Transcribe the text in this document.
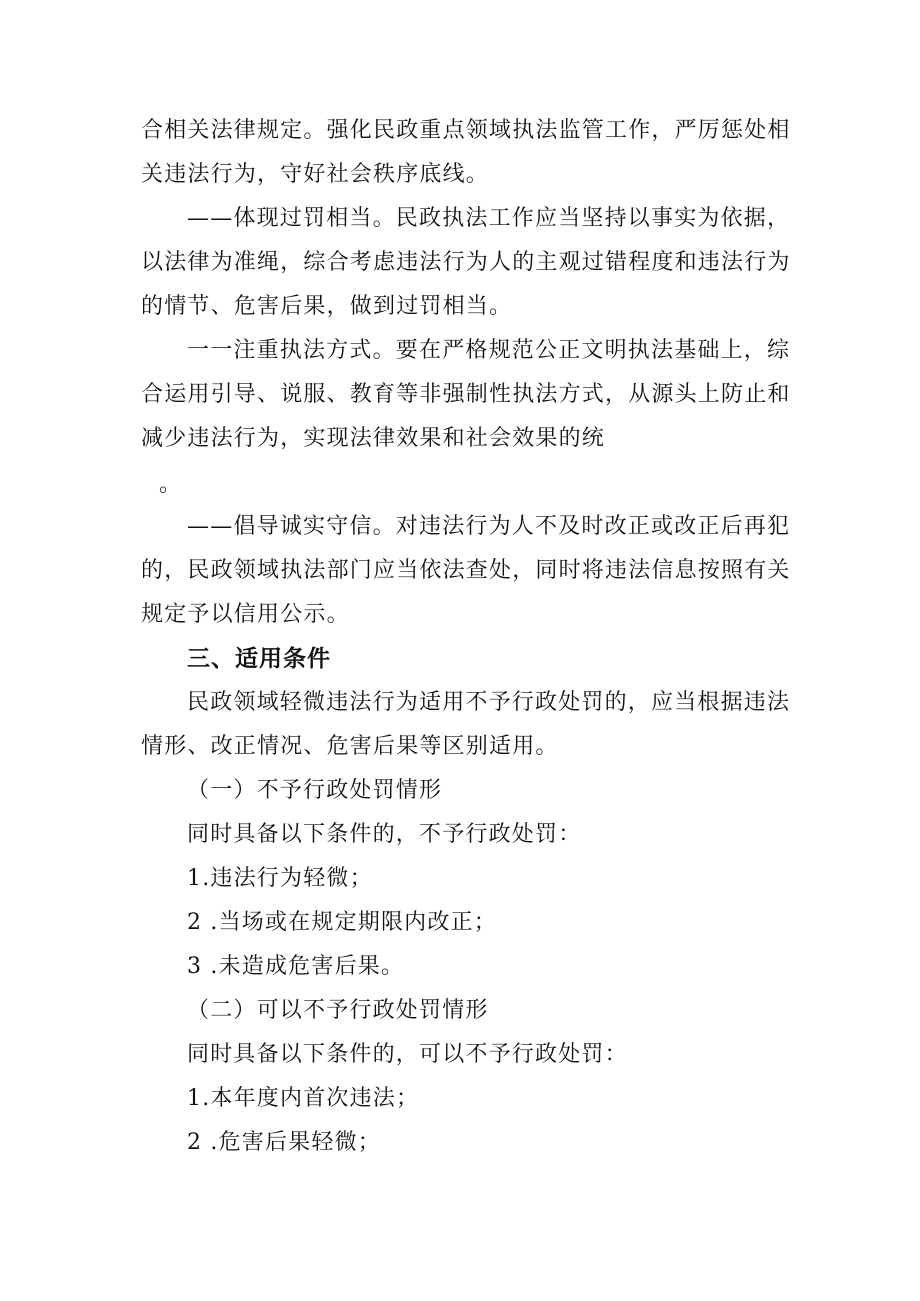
合相关法律规定。强化民政重点领域执法监管工作，严厉惩处相
关违法行为，守好社会秩序底线。
——体现过罚相当。民政执法工作应当坚持以事实为依据，
以法律为准绳，综合考虑违法行为人的主观过错程度和违法行为
的情节、危害后果，做到过罚相当。
一一注重执法方式。要在严格规范公正文明执法基础上，综
合运用引导、说服、教育等非强制性执法方式，从源头上防止和
减少违法行为，实现法律效果和社会效果的统
。
——倡导诚实守信。对违法行为人不及时改正或改正后再犯
的，民政领域执法部门应当依法查处，同时将违法信息按照有关
规定予以信用公示。
三、适用条件
民政领域轻微违法行为适用不予行政处罚的，应当根据违法
情形、改正情况、危害后果等区别适用。
（一）不予行政处罚情形
同时具备以下条件的，不予行政处罚：
1.违法行为轻微；
2 .当场或在规定期限内改正；
3 .未造成危害后果。
（二）可以不予行政处罚情形
同时具备以下条件的，可以不予行政处罚：
1.本年度内首次违法；
2 .危害后果轻微；
